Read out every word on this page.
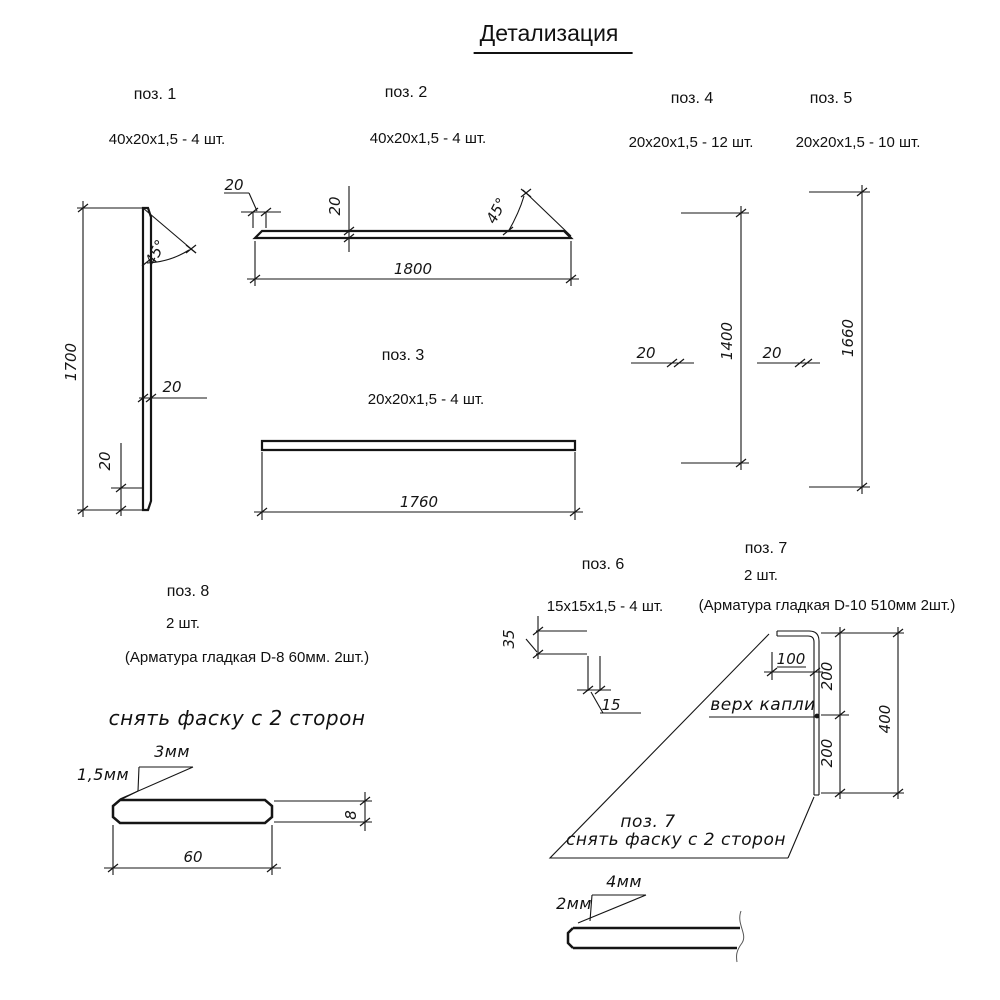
Детализация
поз. 1
40x20x1,5 - 4 шт.
поз. 2
40x20x1,5 - 4 шт.
поз. 3
20x20x1,5 - 4 шт.
поз. 4
20x20x1,5 - 12 шт.
поз. 5
20x20x1,5 - 10 шт.
поз. 6
15x15x1,5 - 4 шт.
поз. 7
2 шт.
(Арматура гладкая D-10 510мм 2шт.)
поз. 8
2 шт.
(Арматура гладкая D-8 60мм. 2шт.)
снять фаску с 2 сторон
поз. 7
снять фаску с 2 сторон
верх капли
4мм
2мм
3мм
1,5мм
1700
45°
20
20
20
20	45°
1800
1760
20	1400 20	1660
35
15
100
200
200
400
60
8
